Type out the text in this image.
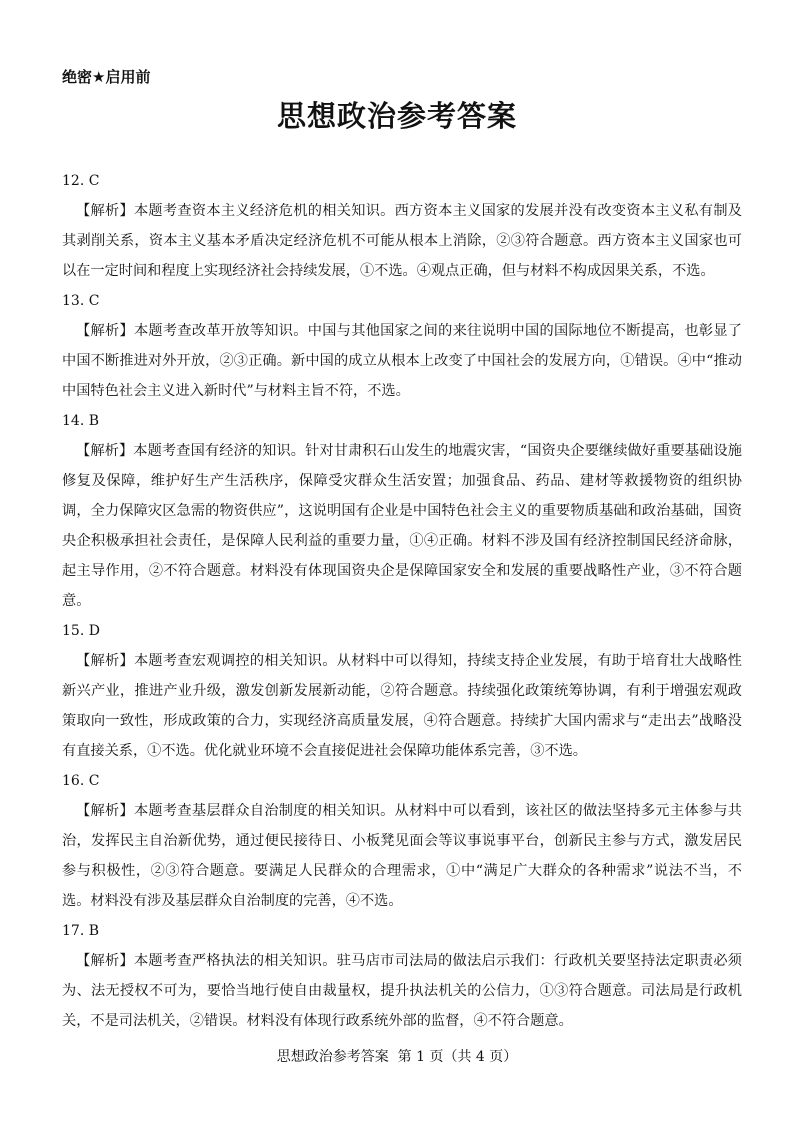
绝密★启用前
思想政治参考答案
12. C

【解析】本题考查资本主义经济危机的相关知识。西方资本主义国家的发展并没有改变资本主义私有制及其剥削关系，资本主义基本矛盾决定经济危机不可能从根本上消除，②③符合题意。西方资本主义国家也可以在一定时间和程度上实现经济社会持续发展，①不选。④观点正确，但与材料不构成因果关系，不选。

13. C

【解析】本题考查改革开放等知识。中国与其他国家之间的来往说明中国的国际地位不断提高，也彰显了中国不断推进对外开放，②③正确。新中国的成立从根本上改变了中国社会的发展方向，①错误。④中“推动中国特色社会主义进入新时代”与材料主旨不符，不选。

14. B

【解析】本题考查国有经济的知识。针对甘肃积石山发生的地震灾害，“国资央企要继续做好重要基础设施修复及保障，维护好生产生活秩序，保障受灾群众生活安置；加强食品、药品、建材等救援物资的组织协调，全力保障灾区急需的物资供应”，这说明国有企业是中国特色社会主义的重要物质基础和政治基础，国资央企积极承担社会责任，是保障人民利益的重要力量，①④正确。材料不涉及国有经济控制国民经济命脉，起主导作用，②不符合题意。材料没有体现国资央企是保障国家安全和发展的重要战略性产业，③不符合题意。

15. D

【解析】本题考查宏观调控的相关知识。从材料中可以得知，持续支持企业发展，有助于培育壮大战略性新兴产业，推进产业升级，激发创新发展新动能，②符合题意。持续强化政策统筹协调，有利于增强宏观政策取向一致性，形成政策的合力，实现经济高质量发展，④符合题意。持续扩大国内需求与“走出去”战略没有直接关系，①不选。优化就业环境不会直接促进社会保障功能体系完善，③不选。

16. C

【解析】本题考查基层群众自治制度的相关知识。从材料中可以看到，该社区的做法坚持多元主体参与共治，发挥民主自治新优势，通过便民接待日、小板凳见面会等议事说事平台，创新民主参与方式，激发居民参与积极性，②③符合题意。要满足人民群众的合理需求，①中“满足广大群众的各种需求”说法不当，不选。材料没有涉及基层群众自治制度的完善，④不选。

17. B

【解析】本题考查严格执法的相关知识。驻马店市司法局的做法启示我们：行政机关要坚持法定职责必须为、法无授权不可为，要恰当地行使自由裁量权，提升执法机关的公信力，①③符合题意。司法局是行政机关，不是司法机关，②错误。材料没有体现行政系统外部的监督，④不符合题意。

思想政治参考答案  第 1 页（共 4 页）
